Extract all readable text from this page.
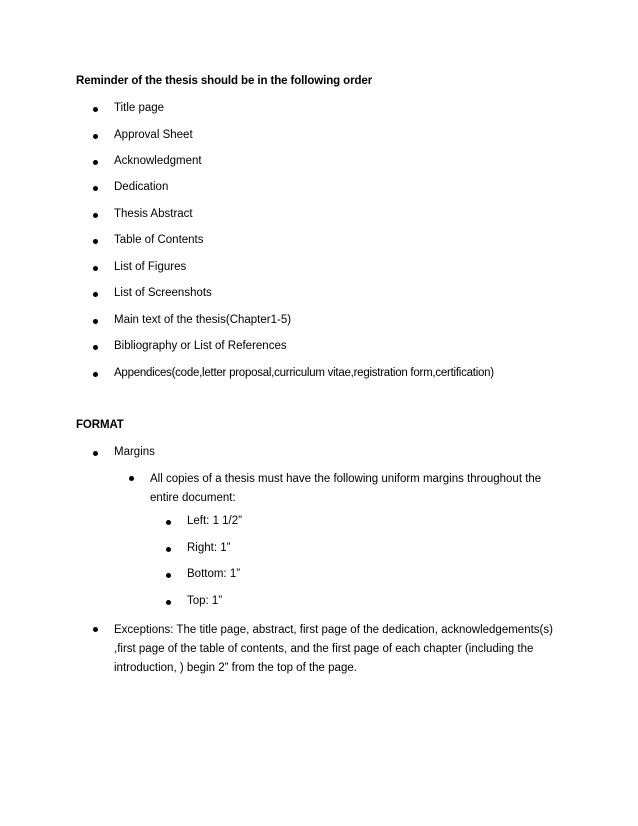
Reminder of the thesis should be in the following order
Title page
Approval Sheet
Acknowledgment
Dedication
Thesis Abstract
Table of Contents
List of Figures
List of Screenshots
Main text of the thesis(Chapter1-5)
Bibliography or List of References
Appendices(code,letter proposal,curriculum vitae,registration form,certification)
FORMAT
Margins
All copies of a thesis must have the following uniform margins throughout the entire document:
Left: 1 1/2”
Right: 1”
Bottom: 1”
Top: 1”
Exceptions: The title page, abstract, first page of the dedication, acknowledgements(s) ,first page of the table of contents, and the first page of each chapter (including the introduction, ) begin 2” from the top of the page.
